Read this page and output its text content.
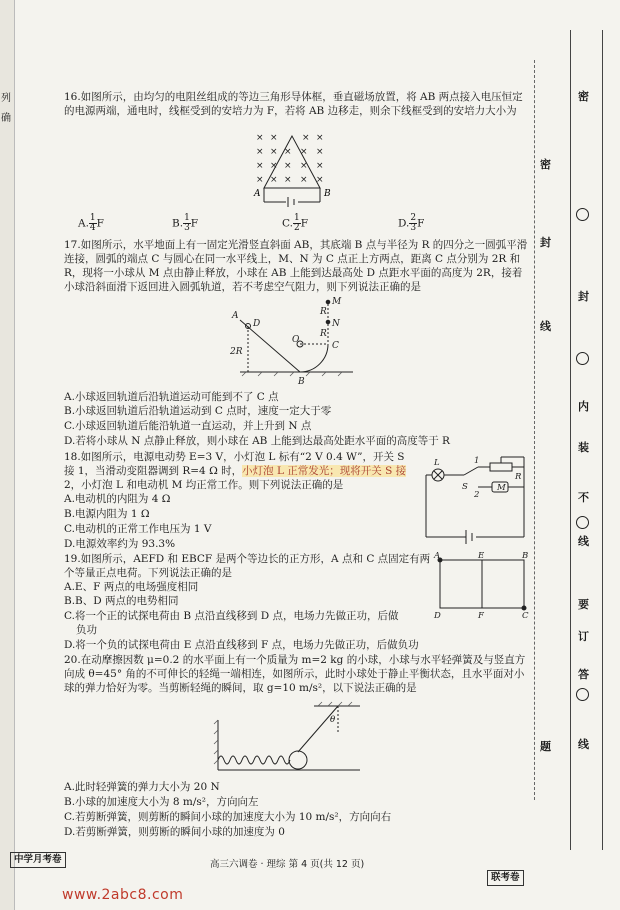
列
确

16.如图所示，由均匀的电阻丝组成的等边三角形导体框，垂直磁场放置，将 AB 两点接入电压恒定的电源两端，通电时，线框受到的安培力为 F，若将 AB 边移走，则余下线框受到的安培力大小为

× ×	× ×
× × × × ×
× × × × ×
× × × × ×
A	B
A. $\frac{1}{4}$ F	B. $\frac{1}{3}$ F	C. $\frac{1}{2}$ F	D. $\frac{2}{3}$ F

17.如图所示，水平地面上有一固定光滑竖直斜面 AB，其底端 B 点与半径为 R 的四分之一圆弧平滑连接，圆弧的端点 C 与圆心在同一水平线上，M、N 为 C 点正上方两点，距离 C 点分别为 2R 和 R，现将一小球从 M 点由静止释放，小球在 AB 上能到达最高处 D 点距水平面的高度为 2R，接着小球沿斜面滑下返回进入圆弧轨道，若不考虑空气阻力，则下列说法正确的是

A
D
2R
B
M
R
N
R
C
O
A.小球返回轨道后沿轨道运动可能到不了 C 点
B.小球返回轨道后沿轨道运动到 C 点时，速度一定大于零
C.小球返回轨道后能沿轨道一直运动，并上升到 N 点
D.若将小球从 N 点静止释放，则小球在 AB 上能到达最高处距水平面的高度等于 R
18.如图所示，电源电动势 E=3 V，小灯泡 L 标有“2 V 0.4 W”，开关 S
接 1，当滑动变阻器调到 R=4 Ω 时，小灯泡 L 正常发光；现将开关 S 接
2，小灯泡 L 和电动机 M 均正常工作。则下列说法正确的是
A.电动机的内阻为 4 Ω
B.电源内阻为 1 Ω
C.电动机的正常工作电压为 1 V
D.电源效率约为 93.3%
L
S
1
2
R
M
19.如图所示，AEFD 和 EBCF 是两个等边长的正方形，A 点和 C 点固定有两个等量正点电荷。下列说法正确的是
A	E	B
D	F	C
A.E、F 两点的电场强度相同
B.B、D 两点的电势相同
C.将一个正的试探电荷由 B 点沿直线移到 D 点，电场力先做正功，后做
负功
D.将一个负的试探电荷由 E 点沿直线移到 F 点，电场力先做正功，后做负功

20.在动摩擦因数 μ=0.2 的水平面上有一个质量为 m=2 kg 的小球，小球与水平轻弹簧及与竖直方向成 θ=45° 角的不可伸长的轻绳一端相连，如图所示，此时小球处于静止平衡状态，且水平面对小球的弹力恰好为零。当剪断轻绳的瞬间，取 g=10 m/s²，以下说法正确的是

θ
A.此时轻弹簧的弹力大小为 20 N
B.小球的加速度大小为 8 m/s²，方向向左
C.若剪断弹簧，则剪断的瞬间小球的加速度大小为 10 m/s²，方向向右
D.若剪断弹簧，则剪断的瞬间小球的加速度为 0
密
密
封
封
线
内
装
不
要
订
答
线
题
线
中学月考卷	高三六调卷 · 理综 第 4 页(共 12 页)
联考卷
www.2abc8.com
